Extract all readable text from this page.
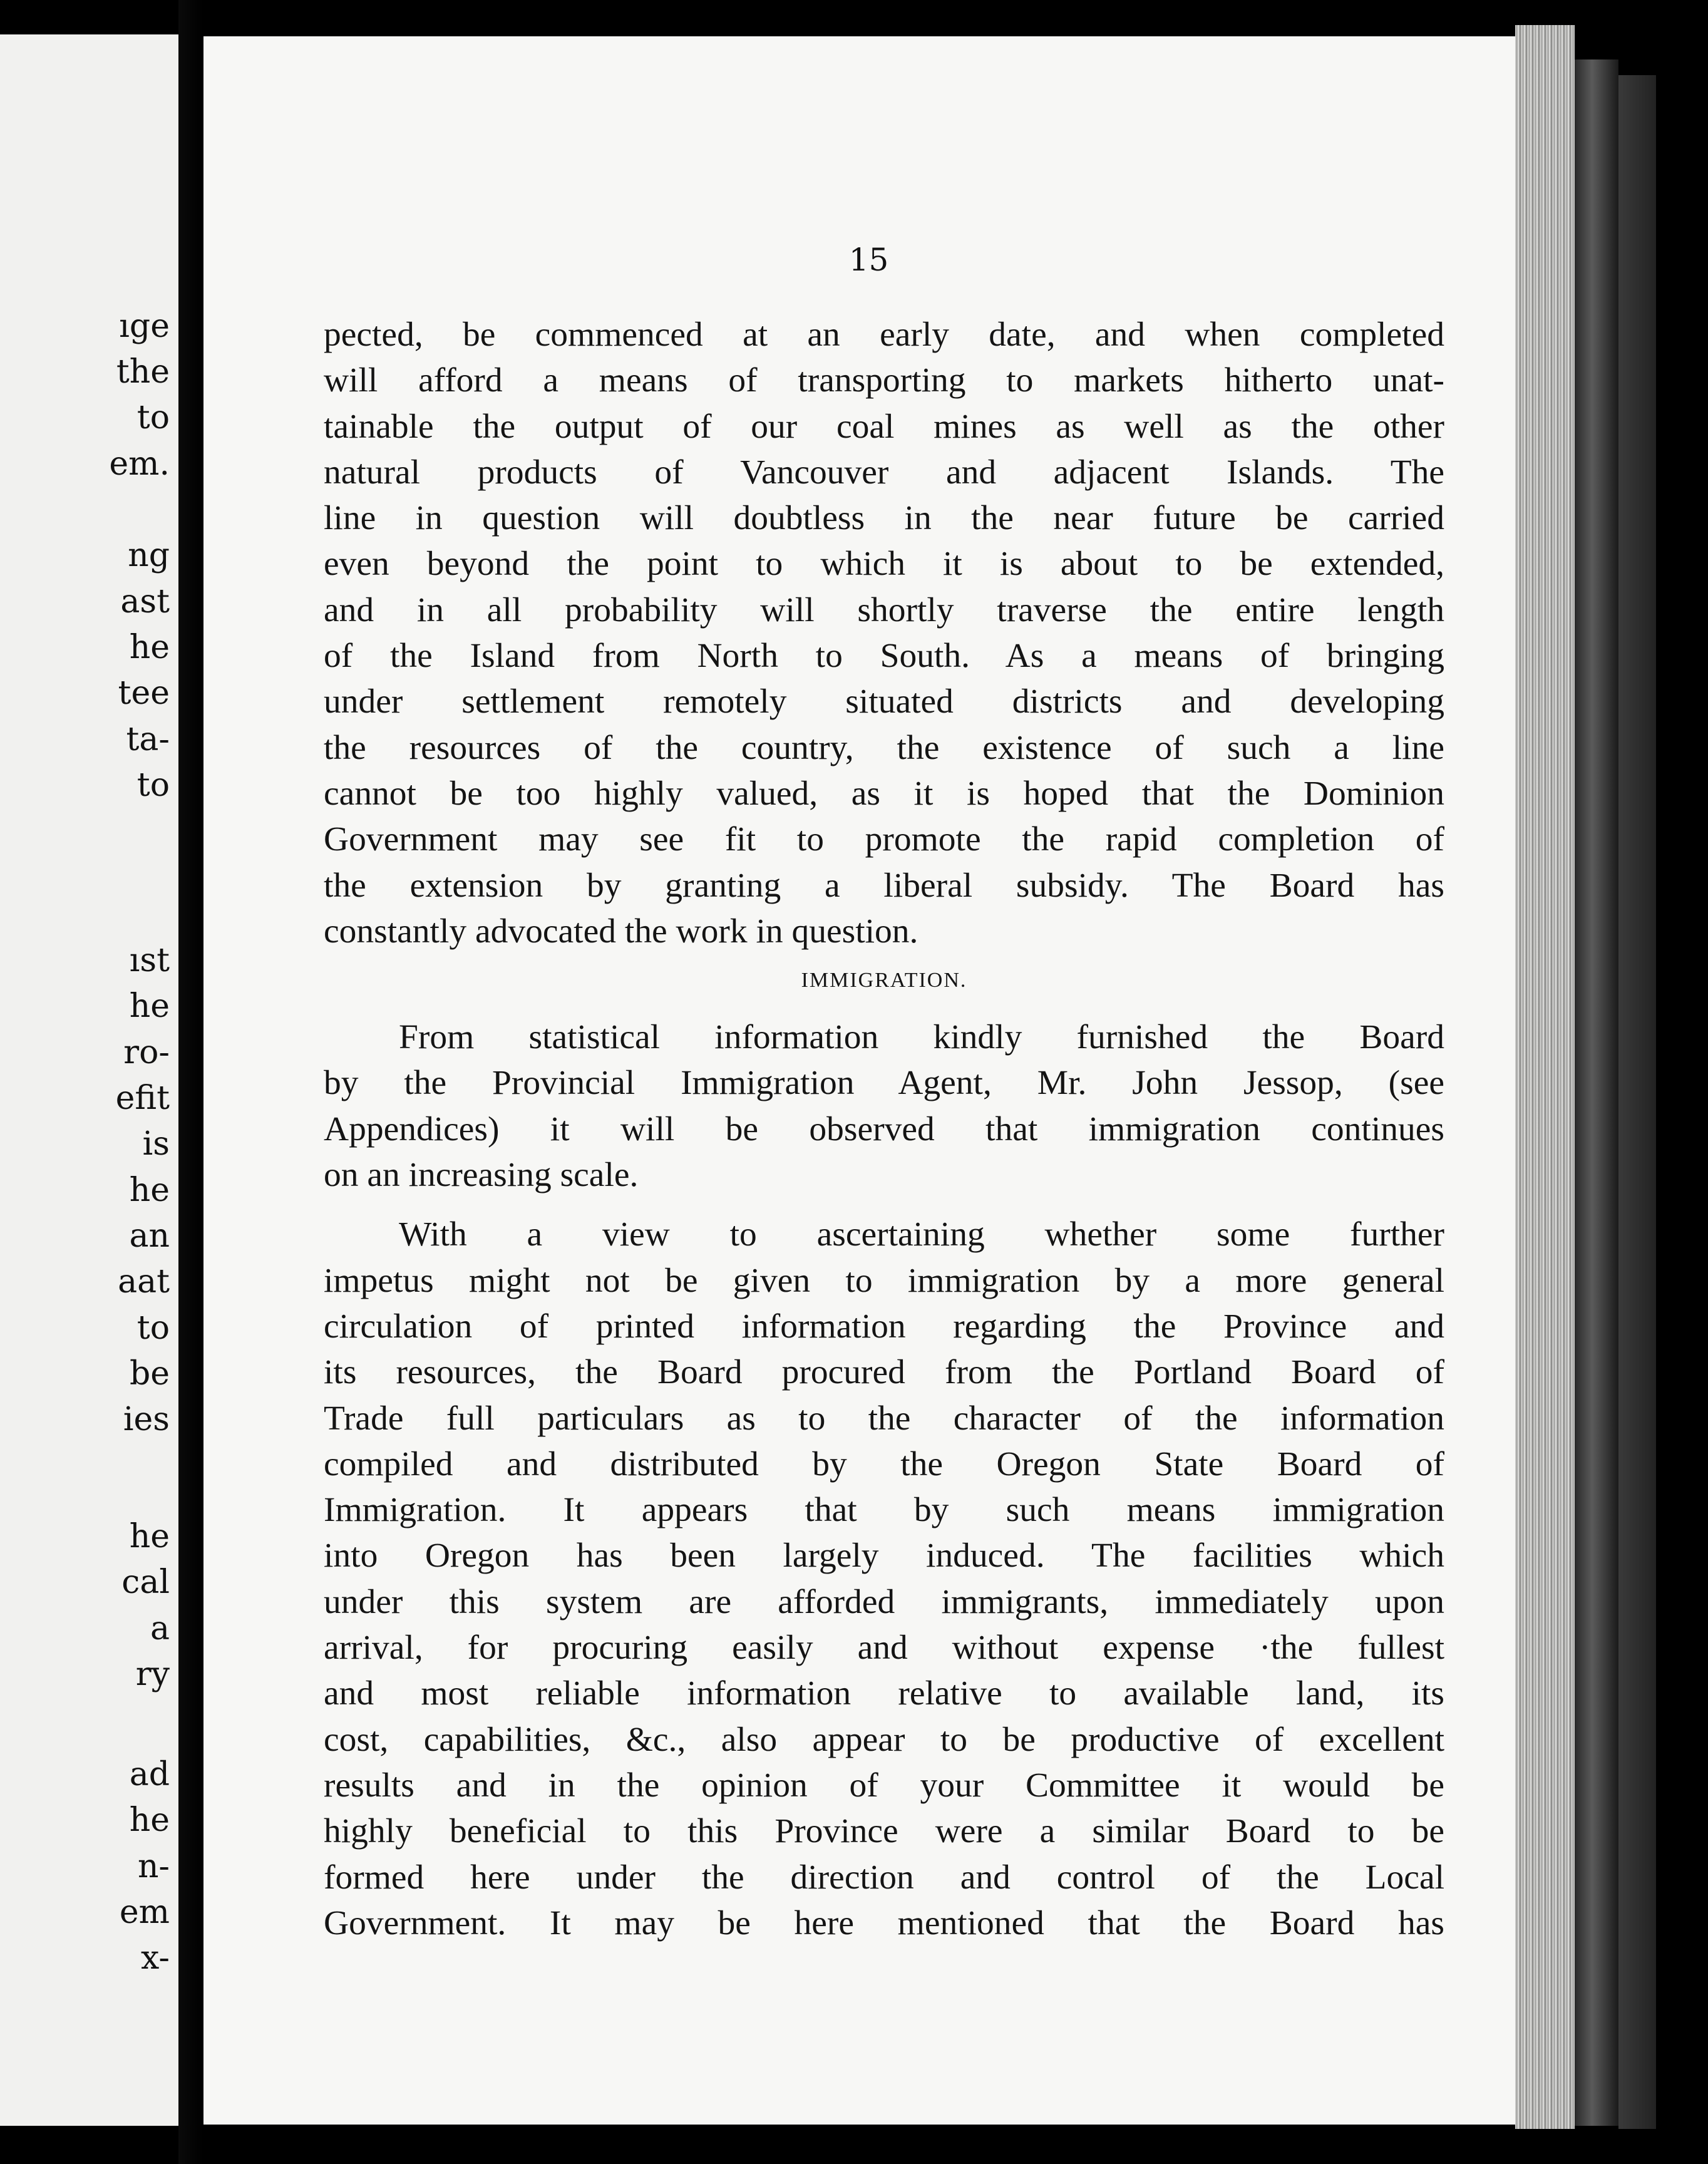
ıge
the
to
em.
ng
ast
he
tee
ta-
to
ıst
he
ro-
efit
is
he
an
aat
to
be
ies
he
cal
a
ry
ad
he
n-
em
x-
15

pected, be commenced at an early date, and when completed
will afford a means of transporting to markets hitherto unat-
tainable the output of our coal mines as well as the other
natural products of Vancouver and adjacent Islands. The
line in question will doubtless in the near future be carried
even beyond the point to which it is about to be extended,
and in all probability will shortly traverse the entire length
of the Island from North to South. As a means of bringing
under settlement remotely situated districts and developing
the resources of the country, the existence of such a line
cannot be too highly valued, as it is hoped that the Dominion
Government may see fit to promote the rapid completion of
the extension by granting a liberal subsidy. The Board has
constantly advocated the work in question.

IMMIGRATION.

From statistical information kindly furnished the Board
by the Provincial Immigration Agent, Mr. John Jessop, (see
Appendices) it will be observed that immigration continues
on an increasing scale.

With a view to ascertaining whether some further
impetus might not be given to immigration by a more general
circulation of printed information regarding the Province and
its resources, the Board procured from the Portland Board of
Trade full particulars as to the character of the information
compiled and distributed by the Oregon State Board of
Immigration. It appears that by such means immigration
into Oregon has been largely induced. The facilities which
under this system are afforded immigrants, immediately upon
arrival, for procuring easily and without expense ·the fullest
and most reliable information relative to available land, its
cost, capabilities, &c., also appear to be productive of excellent
results and in the opinion of your Committee it would be
highly beneficial to this Province were a similar Board to be
formed here under the direction and control of the Local
Government. It may be here mentioned that the Board has
